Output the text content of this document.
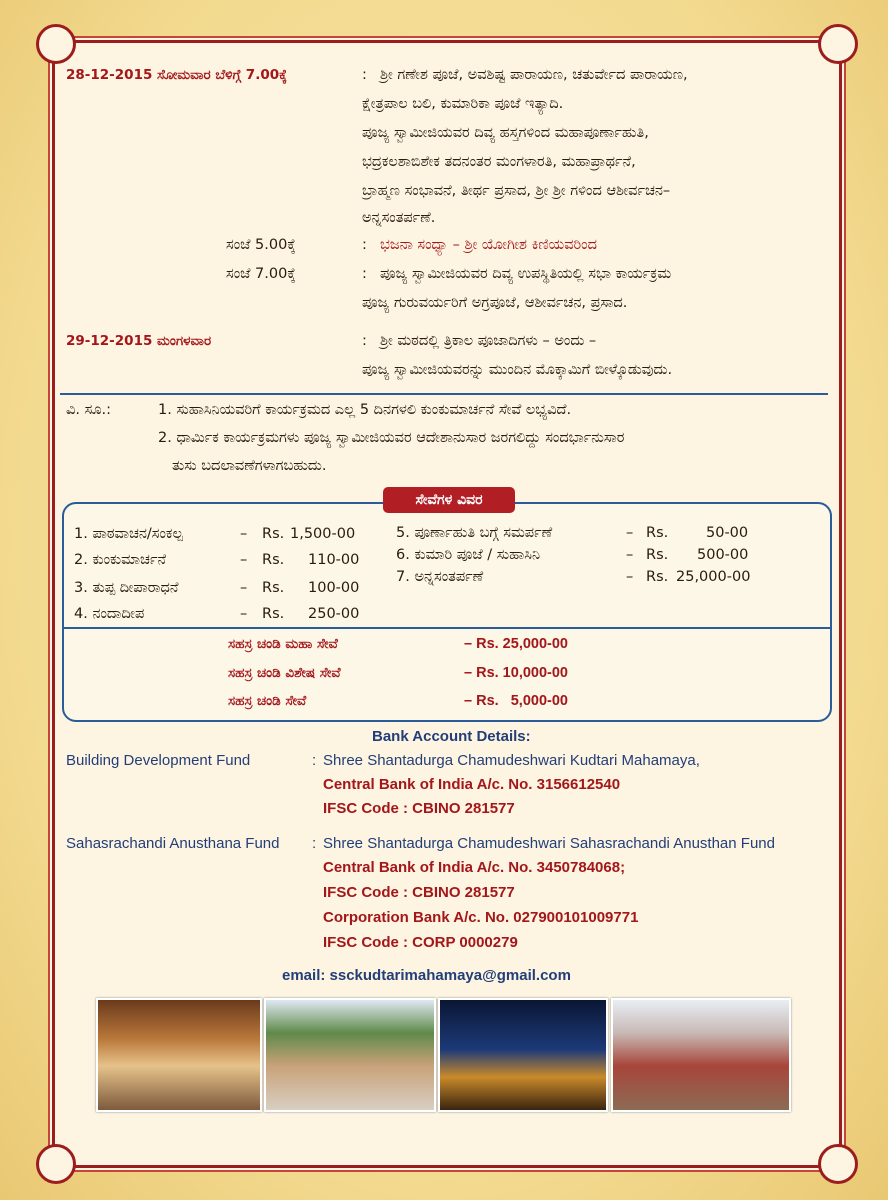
28-12-2015 ಸೋಮವಾರ ಬೆಳಿಗ್ಗೆ 7.00ಕ್ಕೆ	: ಶ್ರೀ ಗಣೇಶ ಪೂಜೆ, ಅವಶಿಷ್ಟ ಪಾರಾಯಣ, ಚತುರ್ವೇದ ಪಾರಾಯಣ,
ಕ್ಷೇತ್ರಪಾಲ ಬಲಿ, ಕುಮಾರಿಕಾ ಪೂಜೆ ಇತ್ಯಾದಿ.
ಪೂಜ್ಯ ಸ್ವಾಮೀಜಿಯವರ ದಿವ್ಯ ಹಸ್ತಗಳಿಂದ ಮಹಾಪೂರ್ಣಾಹುತಿ,
ಭದ್ರಕಲಶಾಬಿಶೇಕ ತದನಂತರ ಮಂಗಳಾರತಿ, ಮಹಾಪ್ರಾರ್ಥನೆ,
ಬ್ರಾಹ್ಮಣ ಸಂಭಾವನೆ, ತೀರ್ಥ ಪ್ರಸಾದ, ಶ್ರೀ ಶ್ರೀ ಗಳಿಂದ ಆಶೀರ್ವಚನ–
ಅನ್ನಸಂತರ್ಪಣೆ.
ಸಂಜೆ 5.00ಕ್ಕೆ	: ಭಜನಾ ಸಂಧ್ಯಾ – ಶ್ರೀ ಯೋಗೀಶ ಕಿಣಿಯವರಿಂದ
ಸಂಜೆ 7.00ಕ್ಕೆ	: ಪೂಜ್ಯ ಸ್ವಾಮೀಜಿಯವರ ದಿವ್ಯ ಉಪಸ್ಥಿತಿಯಲ್ಲಿ ಸಭಾ ಕಾರ್ಯಕ್ರಮ
ಪೂಜ್ಯ ಗುರುವರ್ಯರಿಗೆ ಅಗ್ರಪೂಜೆ, ಆಶೀರ್ವಚನ, ಪ್ರಸಾದ.
29-12-2015 ಮಂಗಳವಾರ	: ಶ್ರೀ ಮಠದಲ್ಲಿ ತ್ರಿಕಾಲ ಪೂಜಾದಿಗಳು – ಅಂದು –
ಪೂಜ್ಯ ಸ್ವಾಮೀಜಿಯವರನ್ನು ಮುಂದಿನ ಮೊಕ್ಕಾಮಿಗೆ ಬೀಳ್ಕೊಡುವುದು.
ವಿ. ಸೂ.:	1. ಸುಹಾಸಿನಿಯವರಿಗೆ ಕಾರ್ಯಕ್ರಮದ ಎಲ್ಲ 5 ದಿನಗಳಲಿ ಕುಂಕುಮಾರ್ಚನೆ ಸೇವೆ ಲಭ್ಯವಿದೆ.
2. ಧಾರ್ಮಿಕ ಕಾರ್ಯಕ್ರಮಗಳು ಪೂಜ್ಯ ಸ್ವಾಮೀಜಿಯವರ ಆದೇಶಾನುಸಾರ ಜರಗಲಿದ್ದು ಸಂದರ್ಭಾನುಸಾರ
ತುಸು ಬದಲಾವಣೆಗಳಾಗಬಹುದು.
ಸೇವೆಗಳ ವಿವರ
1. ಪಾಠವಾಚನ/ಸಂಕಲ್ಪ	– Rs. 1,500-00
2. ಕುಂಕುಮಾರ್ಚನೆ	– Rs. 110-00
3. ತುಪ್ಪ ದೀಪಾರಾಧನೆ	– Rs. 100-00
4. ನಂದಾದೀಪ	– Rs. 250-00
5. ಪೂರ್ಣಾಹುತಿ ಬಗ್ಗೆ ಸಮರ್ಪಣೆ	– Rs.	50-00
6. ಕುಮಾರಿ ಪೂಜೆ / ಸುಹಾಸಿನಿ	– Rs. 500-00
7. ಅನ್ನಸಂತರ್ಪಣೆ	– Rs. 25,000-00
ಸಹಸ್ರ ಚಂಡಿ ಮಹಾ ಸೇವೆ	– Rs. 25,000-00
ಸಹಸ್ರ ಚಂಡಿ ವಿಶೇಷ ಸೇವೆ	– Rs. 10,000-00
ಸಹಸ್ರ ಚಂಡಿ ಸೇವೆ	– Rs.   5,000-00
Bank Account Details:
Building Development Fund	: Shree Shantadurga Chamudeshwari Kudtari Mahamaya,
Central Bank of India A/c. No. 3156612540
IFSC Code : CBINO 281577
Sahasrachandi Anusthana Fund : Shree Shantadurga Chamudeshwari Sahasrachandi Anusthan Fund
Central Bank of India A/c. No. 3450784068;
IFSC Code : CBINO 281577
Corporation Bank A/c. No. 027900101009771
IFSC Code : CORP 0000279
email: ssckudtarimahamaya@gmail.com
